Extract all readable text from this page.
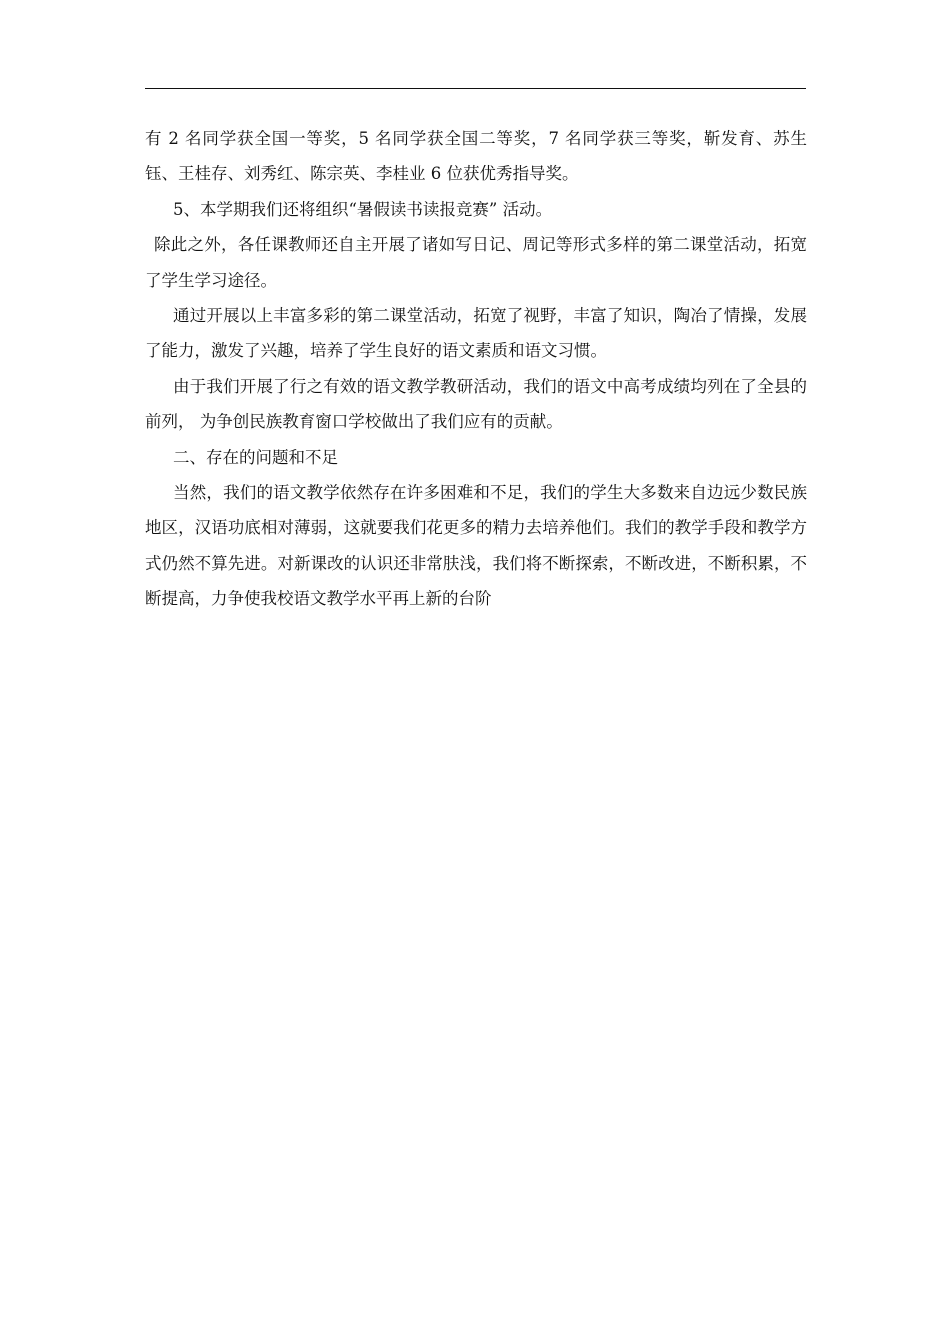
有 2 名同学获全国一等奖，5 名同学获全国二等奖，7 名同学获三等奖，靳发育、苏生钰、王桂存、刘秀红、陈宗英、李桂业 6 位获优秀指导奖。

5、本学期我们还将组织“暑假读书读报竞赛” 活动。

除此之外，各任课教师还自主开展了诸如写日记、周记等形式多样的第二课堂活动，拓宽了学生学习途径。

通过开展以上丰富多彩的第二课堂活动，拓宽了视野，丰富了知识，陶冶了情操，发展了能力，激发了兴趣，培养了学生良好的语文素质和语文习惯。

由于我们开展了行之有效的语文教学教研活动，我们的语文中高考成绩均列在了全县的前列， 为争创民族教育窗口学校做出了我们应有的贡献。

二、存在的问题和不足

当然，我们的语文教学依然存在许多困难和不足，我们的学生大多数来自边远少数民族地区，汉语功底相对薄弱，这就要我们花更多的精力去培养他们。我们的教学手段和教学方式仍然不算先进。对新课改的认识还非常肤浅，我们将不断探索，不断改进，不断积累，不断提高，力争使我校语文教学水平再上新的台阶
